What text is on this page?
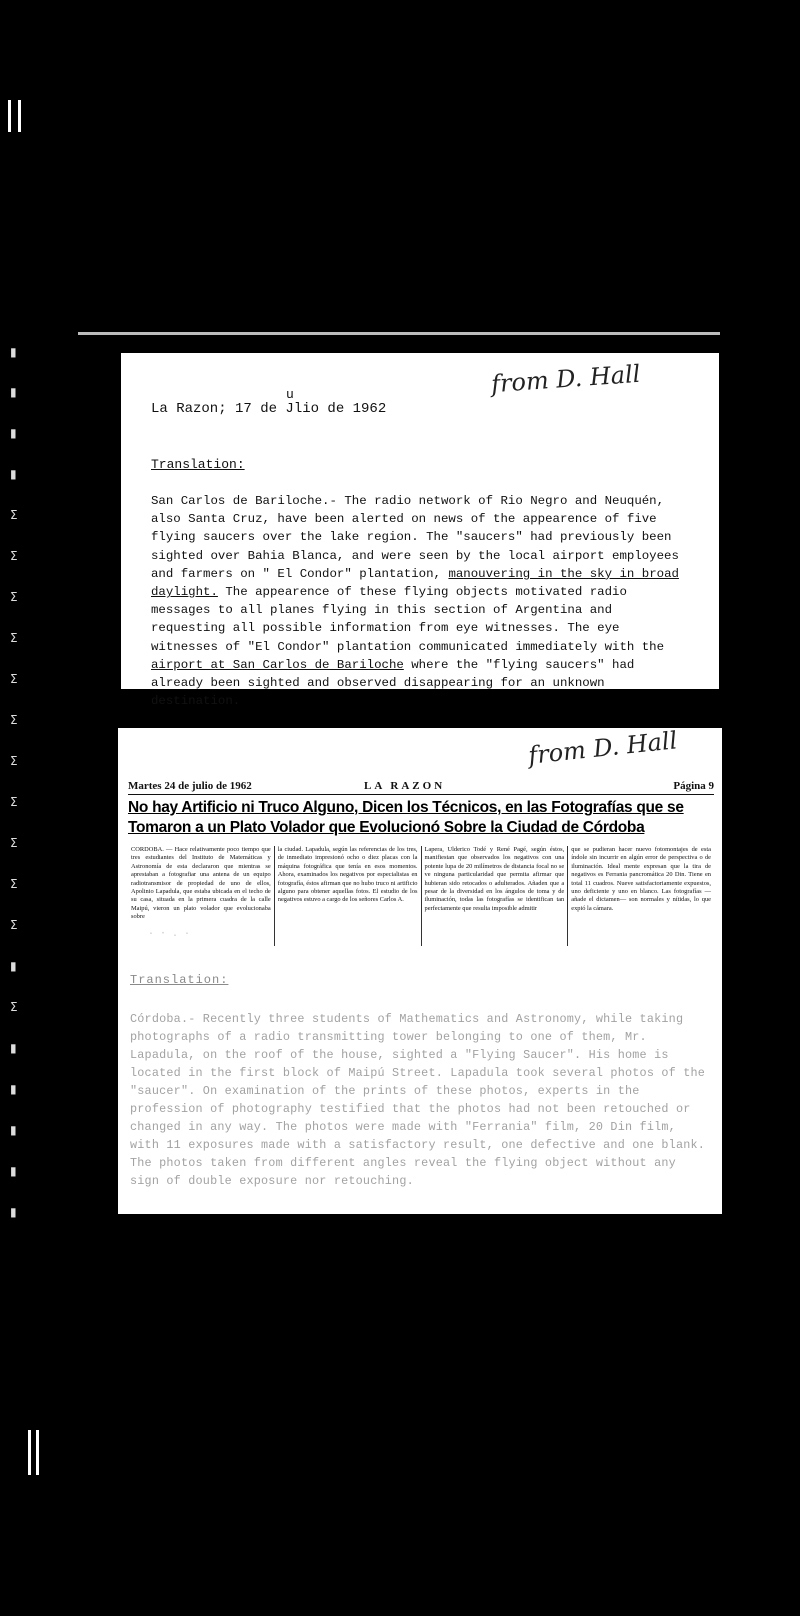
▮
▮
▮
▮
Σ
Σ
Σ
Σ
Σ
Σ
Σ
Σ
Σ
Σ
Σ
▮
Σ
▮
▮
▮
▮
▮
from D. Hall
u
La Razon; 17 de Jlio de 1962
Translation:

San Carlos de Bariloche.- The radio network of Rio Negro and Neuquén, also Santa Cruz, have been alerted on news of the appearence of five flying saucers over the lake region. The "saucers" had previously been sighted over Bahia Blanca, and were seen by the local airport employees and farmers on " El Condor" plantation, manouvering in the sky in broad daylight. The appearence of these flying objects motivated radio messages to all planes flying in this section of Argentina and requesting all possible information from eye witnesses. The eye witnesses of "El Condor" plantation communicated immediately with the airport at San Carlos de Bariloche where the "flying saucers" had already been sighted and observed disappearing for an unknown destination.

from D. Hall
Martes 24 de julio de 1962	LA RAZON	Página 9
No hay Artificio ni Truco Alguno, Dicen los Técnicos, en las Fotografías que se Tomaron a un Plato Volador que Evolucionó Sobre la Ciudad de Córdoba
CORDOBA. — Hace relativamente poco tiempo que tres estudiantes del Instituto de Matemáticas y Astronomía de esta declararon que mientras se aprestaban a fotografiar una antena de un equipo radiotransmisor de propiedad de uno de ellos, Apolinio Lapadula, que estaba ubicada en el techo de su casa, situada en la primera cuadra de la calle Maipú, vieron un plato volador que evolucionaba sobre
la ciudad. Lapadula, según las referencias de los tres, de inmediato impresionó ocho o diez placas con la máquina fotográfica que tenía en esos momentos. Ahora, examinados los negativos por especialistas en fotografía, éstos afirman que no hubo truco ni artificio alguno para obtener aquellas fotos. El estudio de los negativos estuvo a cargo de los señores Carlos A.
Lapera, Ulderico Todé y René Pagé, según éstos, manifiestan que observados los negativos con una potente lupa de 20 milímetros de distancia focal no se ve ninguna particularidad que permita afirmar que hubieran sido retocados o adulterados. Añaden que a pesar de la diversidad en los ángulos de toma y de iluminación, todas las fotografías se identifican tan perfectamente que resulta imposible admitir
que se pudieran hacer nuevo fotomontajes de esta índole sin incurrir en algún error de perspectiva o de iluminación. Ideal mente expresan que la tira de negativos es Ferrania pancromática 20 Din. Tiene en total 11 cuadros. Nueve satisfactoriamente expuestos, uno deficiente y uno en blanco. Las fotografías —añade el dictamen— son normales y nítidas, lo que expió la cámara.
· ⋅ . ·
Translation:
Córdoba.- Recently three students of Mathematics and Astronomy, while taking photographs of a radio transmitting tower belonging to one of them, Mr. Lapadula, on the roof of the house, sighted a "Flying Saucer". His home is located in the first block of Maipú Street. Lapadula took several photos of the "saucer". On examination of the prints of these photos, experts in the profession of photography testified that the photos had not been retouched or changed in any way. The photos were made with "Ferrania" film, 20 Din film, with 11 exposures made with a satisfactory result, one defective and one blank. The photos taken from different angles reveal the flying object without any sign of double exposure nor retouching.
